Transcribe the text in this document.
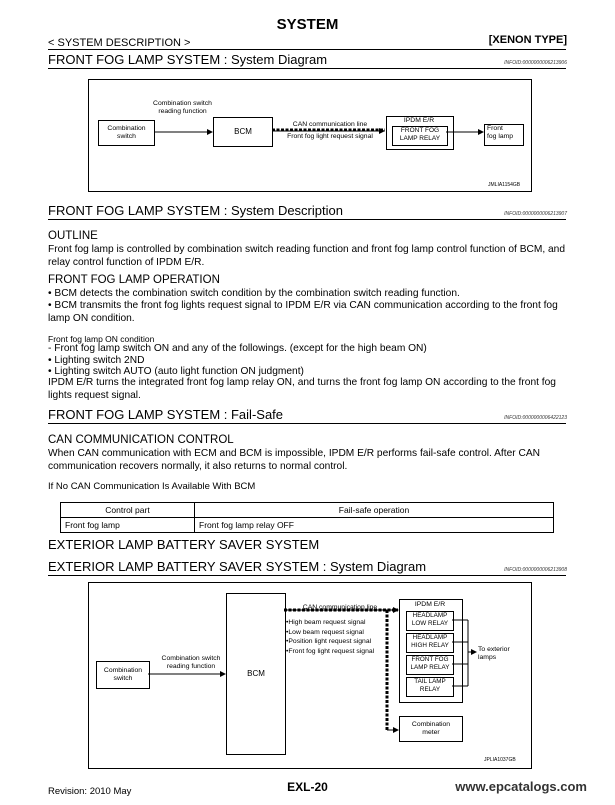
SYSTEM
< SYSTEM DESCRIPTION >	[XENON TYPE]
FRONT FOG LAMP SYSTEM : System Diagram	INFOID:0000000006213906
Combination
switch
Combination switch
reading function
BCM
CAN communication line
Front fog light request signal
IPDM E/R
FRONT FOG
LAMP RELAY
Front
fog lamp
JMLIA1154GB
FRONT FOG LAMP SYSTEM : System Description	INFOID:0000000006213907
OUTLINE
Front fog lamp is controlled by combination switch reading function and front fog lamp control function of BCM, and relay control function of IPDM E/R.
FRONT FOG LAMP OPERATION
• BCM detects the combination switch condition by the combination switch reading function.
• BCM transmits the front fog lights request signal to IPDM E/R via CAN communication according to the front fog lamp ON condition.
Front fog lamp ON condition
- Front fog lamp switch ON and any of the followings. (except for the high beam ON)
• Lighting switch 2ND
• Lighting switch AUTO (auto light function ON judgment)
IPDM E/R turns the integrated front fog lamp relay ON, and turns the front fog lamp ON according to the front fog lights request signal.
FRONT FOG LAMP SYSTEM : Fail-Safe	INFOID:0000000006422123
CAN COMMUNICATION CONTROL
When CAN communication with ECM and BCM is impossible, IPDM E/R performs fail-safe control. After CAN communication recovers normally, it also returns to normal control.
If No CAN Communication Is Available With BCM
Control part	Fail-safe operation
Front fog lamp	Front fog lamp relay OFF
EXTERIOR LAMP BATTERY SAVER SYSTEM
EXTERIOR LAMP BATTERY SAVER SYSTEM : System Diagram	INFOID:0000000006213908
Combination
switch
Combination switch
reading function
BCM
CAN communication line
•High beam request signal
•Low beam request signal
•Position light request signal
•Front fog light request signal
IPDM E/R
HEADLAMP
LOW RELAY
HEADLAMP
HIGH RELAY
FRONT FOG
LAMP RELAY
TAIL LAMP
RELAY
To exterior
lamps
Combination
meter
JPLIA1037GB
Revision: 2010 May	EXL-20	www.epcatalogs.com
